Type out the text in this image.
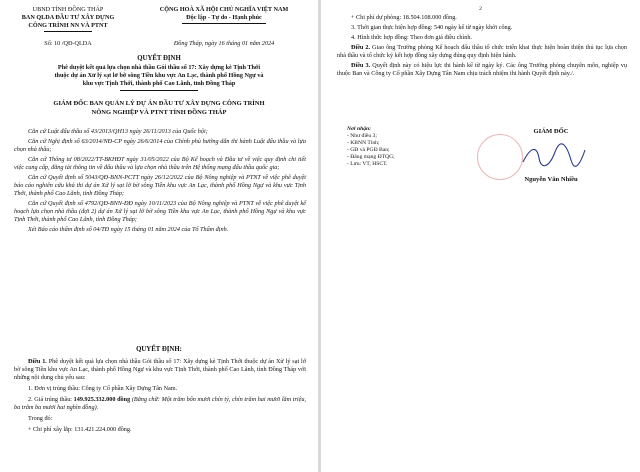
UBND TỈNH ĐỒNG THÁP
BAN QLDA ĐẦU TƯ XÂY DỰNG
CÔNG TRÌNH NN VÀ PTNT
Số: 10 /QĐ-QLDA
CỘNG HOÀ XÃ HỘI CHỦ NGHĨA VIỆT NAM
Độc lập - Tự do - Hạnh phúc
Đồng Tháp, ngày 16 tháng 01 năm 2024
QUYẾT ĐỊNH
Phê duyệt kết quả lựa chọn nhà thầu Gói thầu số 17: Xây dựng kè Tịnh Thới
thuộc dự án Xử lý sạt lở bờ sông Tiền khu vực An Lạc, thành phố Hồng Ngự và
khu vực Tịnh Thới, thành phố Cao Lãnh, tỉnh Đồng Tháp
GIÁM ĐỐC BAN QUẢN LÝ DỰ ÁN ĐẦU TƯ XÂY DỰNG CÔNG TRÌNH
NÔNG NGHIỆP VÀ PTNT TỈNH ĐỒNG THÁP
Căn cứ Luật đấu thầu số 43/2013/QH13 ngày 26/11/2013 của Quốc hội;
Căn cứ Nghị định số 63/2014/NĐ-CP ngày 26/6/2014 của Chính phủ hướng dẫn thi hành Luật đấu thầu và lựa chọn nhà thầu;
Căn cứ Thông tư 08/2022/TT-BKHĐT ngày 31/05/2022 của Bộ Kế hoạch và Đầu tư về việc quy định chi tiết việc cung cấp, đăng tải thông tin về đấu thầu và lựa chọn nhà thầu trên Hệ thống mạng đấu thầu quốc gia;
Căn cứ Quyết định số 5043/QĐ-BNN-PCTT ngày 26/12/2022 của Bộ Nông nghiệp và PTNT về việc phê duyệt báo cáo nghiên cứu khả thi dự án Xử lý sạt lở bờ sông Tiền khu vực An Lạc, thành phố Hồng Ngự và khu vực Tịnh Thới, thành phố Cao Lãnh, tỉnh Đồng Tháp;
Căn cứ Quyết định số 4792/QĐ-BNN-ĐĐ ngày 10/11/2023 của Bộ Nông nghiệp và PTNT về việc phê duyệt kế hoạch lựa chọn nhà thầu (đợt 2) dự án Xử lý sạt lở bờ sông Tiền khu vực An Lạc, thành phố Hồng Ngự và khu vực Tịnh Thới, thành phố Cao Lãnh, tỉnh Đồng Tháp;
Xét Báo cáo thẩm định số 04/TĐ ngày 15 tháng 01 năm 2024 của Tổ Thẩm định.
QUYẾT ĐỊNH:
Điều 1. Phê duyệt kết quả lựa chọn nhà thầu Gói thầu số 17: Xây dựng kè Tịnh Thới thuộc dự án Xử lý sạt lở bờ sông Tiền khu vực An Lạc, thành phố Hồng Ngự và khu vực Tịnh Thới, thành phố Cao Lãnh, tỉnh Đồng Tháp với những nội dung chủ yếu sau:
1. Đơn vị trúng thầu: Công ty Cổ phần Xây Dựng Tân Nam.
2. Giá trúng thầu: 149.925.332.000 đồng (Bằng chữ: Một trăm bốn mươi chín tỷ, chín trăm hai mươi lăm triệu, ba trăm ba mươi hai nghìn đồng).
Trong đó:
+ Chi phí xây lắp: 131.421.224.000 đồng.
2
+ Chi phí dự phòng: 18.504.108.000 đồng.
3. Thời gian thực hiện hợp đồng: 540 ngày kể từ ngày khởi công.
4. Hình thức hợp đồng: Theo đơn giá điều chỉnh.
Điều 2. Giao ông Trưởng phòng Kế hoạch đấu thầu tổ chức triển khai thực hiện hoàn thiện thủ tục lựa chọn nhà thầu và tổ chức ký kết hợp đồng xây dựng đúng quy định hiện hành.
Điều 3. Quyết định này có hiệu lực thi hành kể từ ngày ký. Các ông Trưởng phòng chuyên môn, nghiệp vụ thuộc Ban và Công ty Cổ phần Xây Dựng Tân Nam chịu trách nhiệm thi hành Quyết định này./.
Nơi nhận:
- Như điều 3;
- KBNN Tỉnh;
- GĐ và PGĐ Ban;
- Đăng mạng ĐTQG;
- Lưu: VT, HSCT.
GIÁM ĐỐC
Nguyễn Văn Nhiều
